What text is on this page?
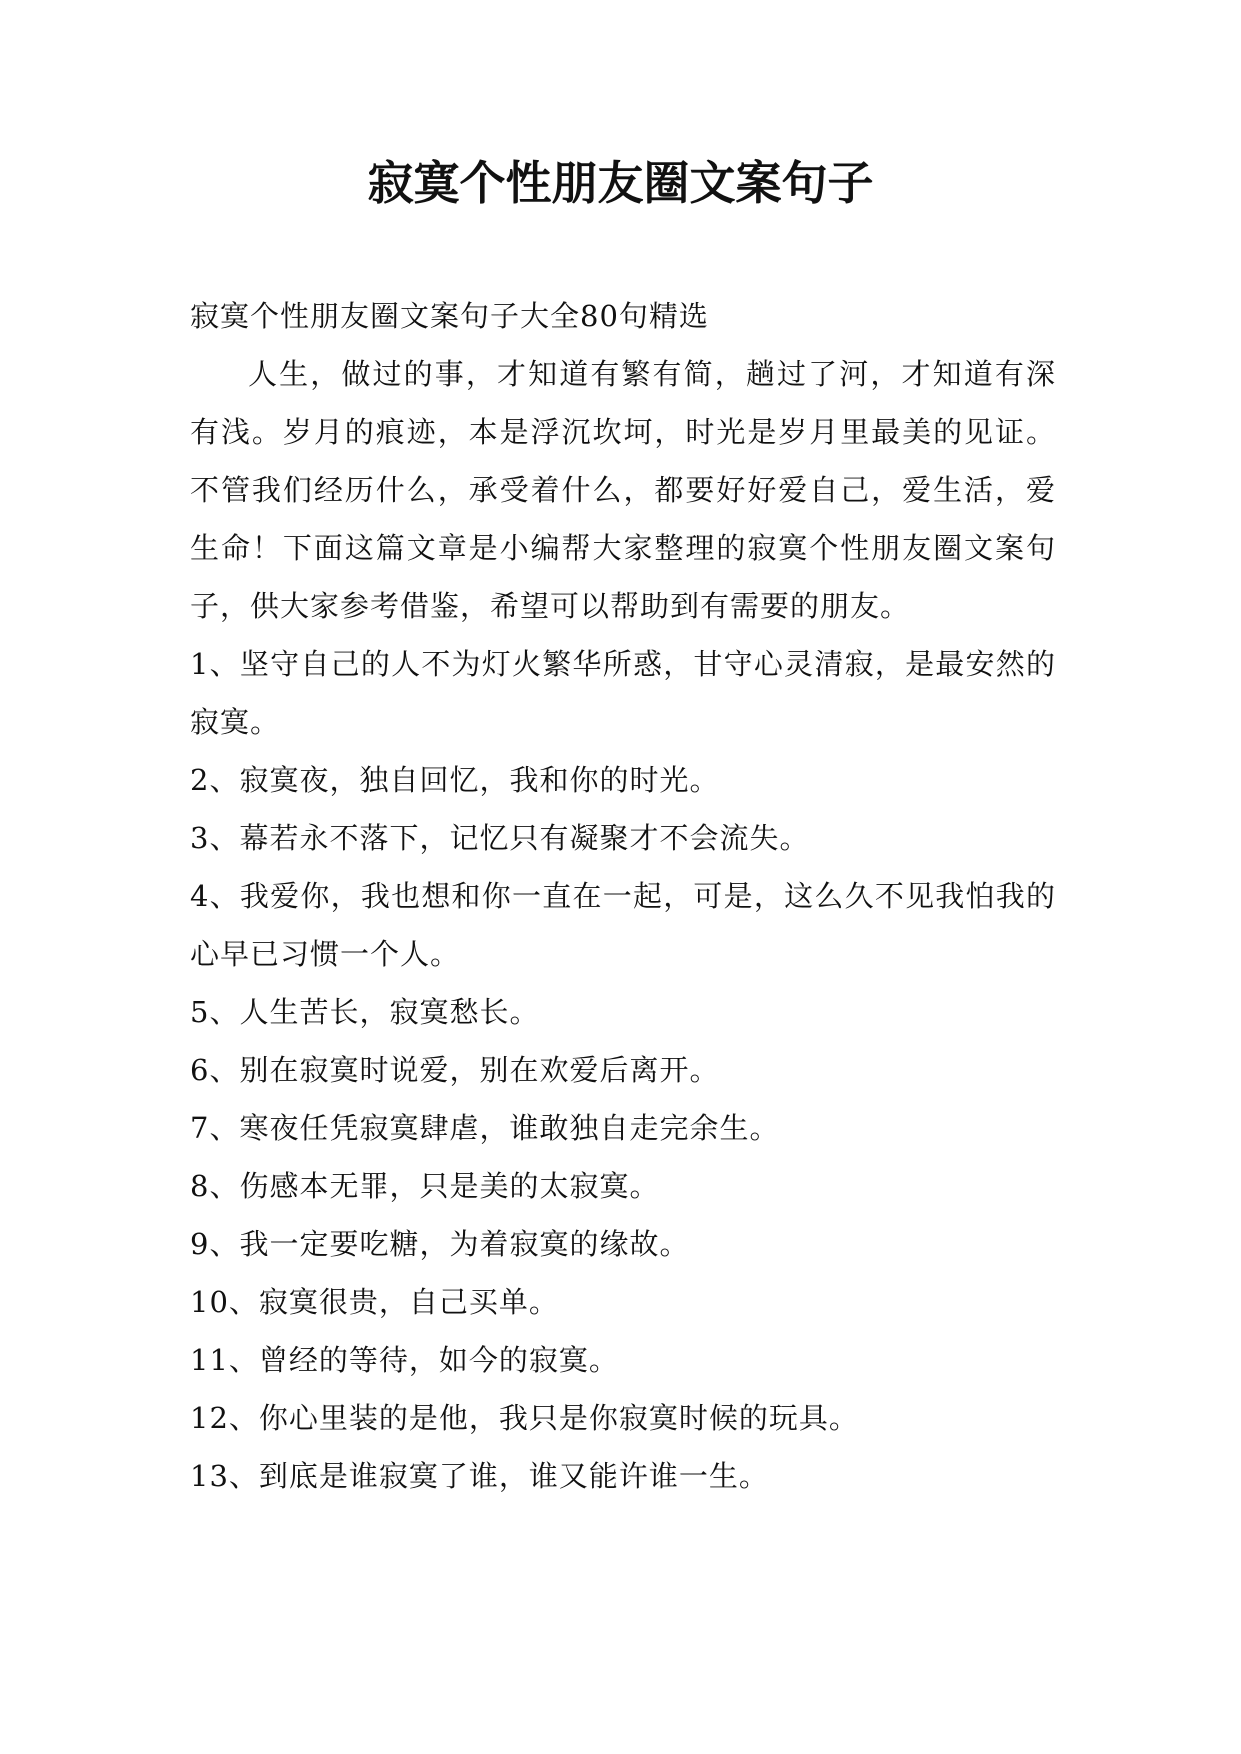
寂寞个性朋友圈文案句子

寂寞个性朋友圈文案句子大全80句精选

人生，做过的事，才知道有繁有简，趟过了河，才知道有深有浅。岁月的痕迹，本是浮沉坎坷，时光是岁月里最美的见证。不管我们经历什么，承受着什么，都要好好爱自己，爱生活，爱生命！下面这篇文章是小编帮大家整理的寂寞个性朋友圈文案句子，供大家参考借鉴，希望可以帮助到有需要的朋友。

1、坚守自己的人不为灯火繁华所惑，甘守心灵清寂，是最安然的寂寞。
2、寂寞夜，独自回忆，我和你的时光。
3、幕若永不落下，记忆只有凝聚才不会流失。
4、我爱你，我也想和你一直在一起，可是，这么久不见我怕我的心早已习惯一个人。
5、人生苦长，寂寞愁长。
6、别在寂寞时说爱，别在欢爱后离开。
7、寒夜任凭寂寞肆虐，谁敢独自走完余生。
8、伤感本无罪，只是美的太寂寞。
9、我一定要吃糖，为着寂寞的缘故。
10、寂寞很贵，自己买单。
11、曾经的等待，如今的寂寞。
12、你心里装的是他，我只是你寂寞时候的玩具。
13、到底是谁寂寞了谁，谁又能许谁一生。
